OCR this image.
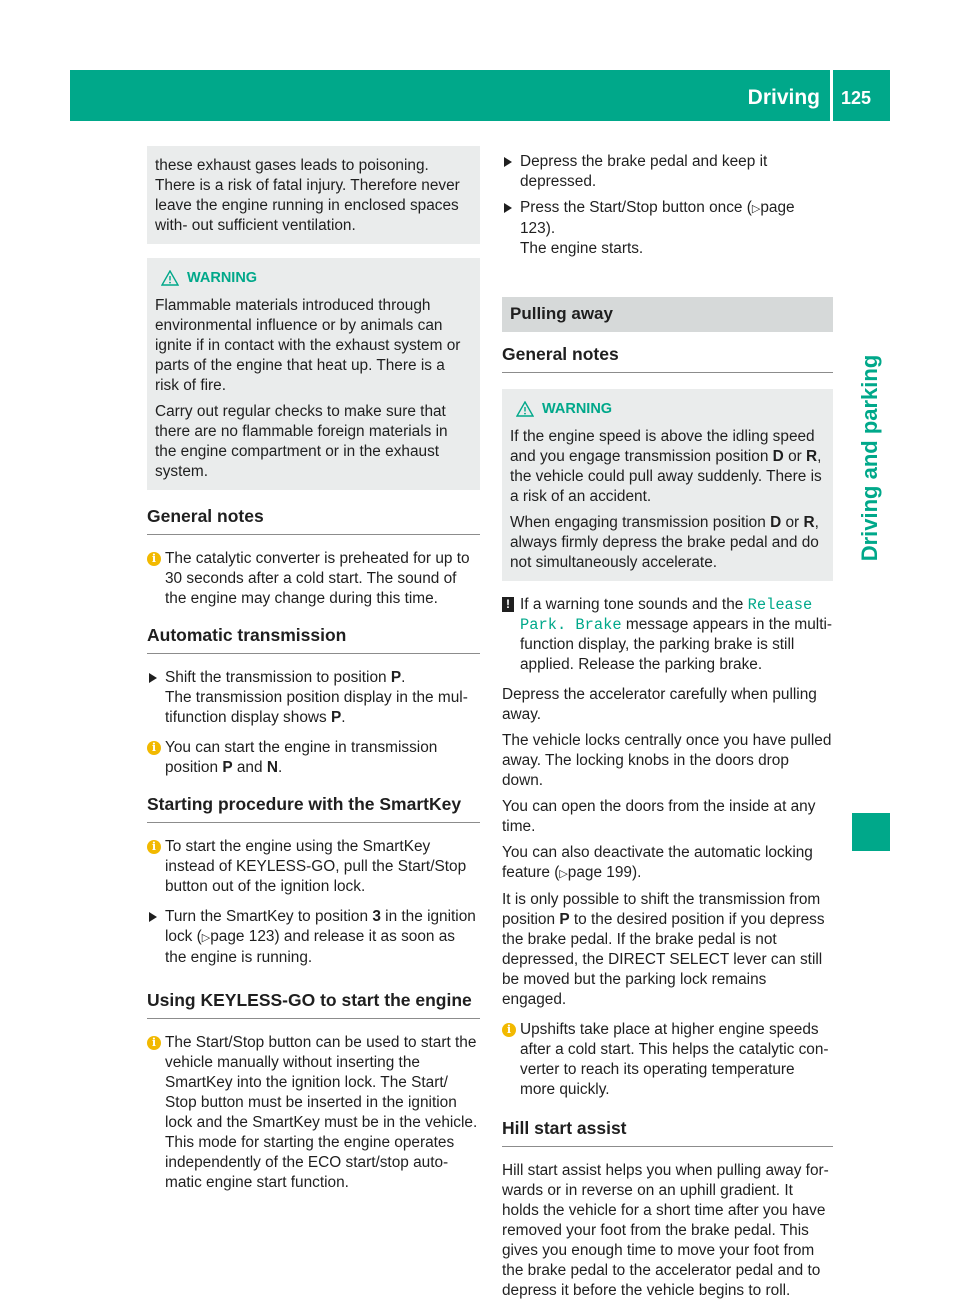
Driving 125
Driving and parking

these exhaust gases leads to poisoning. There is a risk of fatal injury. Therefore never leave the engine running in enclosed spaces with- out sufficient ventilation.

WARNING

Flammable materials introduced through environmental influence or by animals can ignite if in contact with the exhaust system or parts of the engine that heat up. There is a risk of fire.

Carry out regular checks to make sure that there are no flammable foreign materials in the engine compartment or in the exhaust system.

General notes
i The catalytic converter is preheated for up to 30 seconds after a cold start. The sound of the engine may change during this time.
Automatic transmission
Shift the transmission to position P.
The transmission position display in the mul- tifunction display shows P.
i You can start the engine in transmission position P and N.
Starting procedure with the SmartKey
i To start the engine using the SmartKey instead of KEYLESS-GO, pull the Start/Stop button out of the ignition lock.
Turn the SmartKey to position 3 in the ignition lock (▷page 123) and release it as soon as the engine is running.
Using KEYLESS-GO to start the engine
i The Start/Stop button can be used to start the vehicle manually without inserting the SmartKey into the ignition lock. The Start/ Stop button must be inserted in the ignition lock and the SmartKey must be in the vehicle. This mode for starting the engine operates independently of the ECO start/stop auto- matic engine start function.
Depress the brake pedal and keep it depressed.
Press the Start/Stop button once (▷page 123).
The engine starts.
Pulling away
General notes
WARNING

If the engine speed is above the idling speed and you engage transmission position D or R, the vehicle could pull away suddenly. There is a risk of an accident.

When engaging transmission position D or R, always firmly depress the brake pedal and do not simultaneously accelerate.

! If a warning tone sounds and the Release
Park. Brake message appears in the multi- function display, the parking brake is still applied. Release the parking brake.

Depress the accelerator carefully when pulling away.

The vehicle locks centrally once you have pulled away. The locking knobs in the doors drop down.

You can open the doors from the inside at any time.

You can also deactivate the automatic locking feature (▷page 199).

It is only possible to shift the transmission from position P to the desired position if you depress the brake pedal. If the brake pedal is not depressed, the DIRECT SELECT lever can still be moved but the parking lock remains engaged.

i Upshifts take place at higher engine speeds after a cold start. This helps the catalytic con- verter to reach its operating temperature more quickly.
Hill start assist

Hill start assist helps you when pulling away for- wards or in reverse on an uphill gradient. It holds the vehicle for a short time after you have removed your foot from the brake pedal. This gives you enough time to move your foot from the brake pedal to the accelerator pedal and to depress it before the vehicle begins to roll.
